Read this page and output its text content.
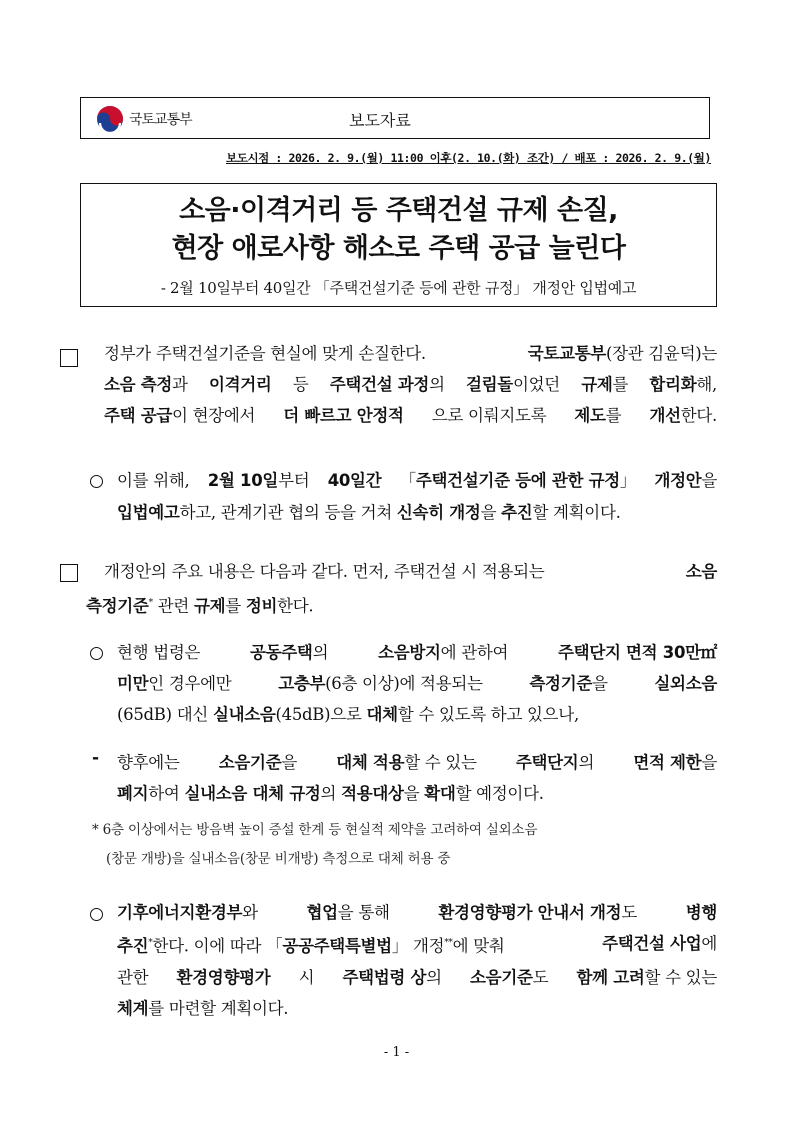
국토교통부	보도자료
보도시점 : 2026. 2. 9.(월) 11:00 이후(2. 10.(화) 조간) / 배포 : 2026. 2. 9.(월)
소음·이격거리 등 주택건설 규제 손질,
현장 애로사항 해소로 주택 공급 늘린다
- 2월 10일부터 40일간 「주택건설기준 등에 관한 규정」 개정안 입법예고
정부가 주택건설기준을 현실에 맞게 손질한다.	국토교통부(장관 김윤덕)는
소음 측정과 이격거리 등 주택건설 과정의 걸림돌이었던 규제를 합리화해,
주택 공급이 현장에서 더 빠르고 안정적 으로 이뤄지도록 제도를 개선한다.
이를 위해, 2월 10일부터 40일간 「주택건설기준 등에 관한 규정」 개정안을
입법예고하고, 관계기관 협의 등을 거쳐 신속히 개정을 추진할 계획이다.
개정안의 주요 내용은 다음과 같다. 먼저, 주택건설 시 적용되는	소음
측정기준* 관련 규제를 정비한다.
현행 법령은	공동주택의	소음방지에 관하여	주택단지 면적 30만㎡
미만인 경우에만	고층부(6층 이상)에 적용되는	측정기준을	실외소음
(65dB) 대신 실내소음(45dB)으로 대체할 수 있도록 하고 있으나,
- 향후에는 소음기준을 대체 적용할 수 있는 주택단지의 면적 제한을
폐지하여 실내소음 대체 규정의 적용대상을 확대할 예정이다.
* 6층 이상에서는 방음벽 높이 증설 한계 등 현실적 제약을 고려하여 실외소음
(창문 개방)을 실내소음(창문 비개방) 측정으로 대체 허용 중
기후에너지환경부와	협업을 통해	환경영향평가 안내서 개정도	병행
추진*한다. 이에 따라 「공공주택특별법」 개정**에 맞춰	주택건설 사업에
관한 환경영향평가 시 주택법령 상의 소음기준도 함께 고려할 수 있는
체계를 마련할 계획이다.
- 1 -
